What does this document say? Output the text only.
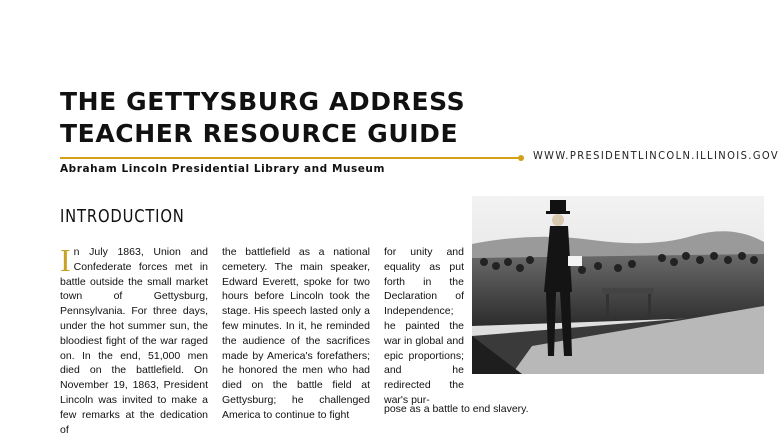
THE GETTYSBURG ADDRESS
TEACHER RESOURCE GUIDE
WWW.PRESIDENTLINCOLN.ILLINOIS.GOV
Abraham Lincoln Presidential Library and Museum
INTRODUCTION
In July 1863, Union and Confederate forces met in battle outside the small market town of Gettysburg, Pennsylvania. For three days, under the hot summer sun, the bloodiest fight of the war raged on. In the end, 51,000 men died on the battlefield. On November 19, 1863, President Lincoln was invited to make a few remarks at the dedication of
the battlefield as a national cemetery. The main speaker, Edward Everett, spoke for two hours before Lincoln took the stage. His speech lasted only a few minutes. In it, he reminded the audience of the sacrifices made by America's forefathers; he honored the men who had died on the battle field at Gettysburg; he challenged America to continue to fight
for unity and equality as put forth in the Declaration of Independence; he painted the war in global and epic proportions; and he redirected the war's pur-
pose as a battle to end slavery.
